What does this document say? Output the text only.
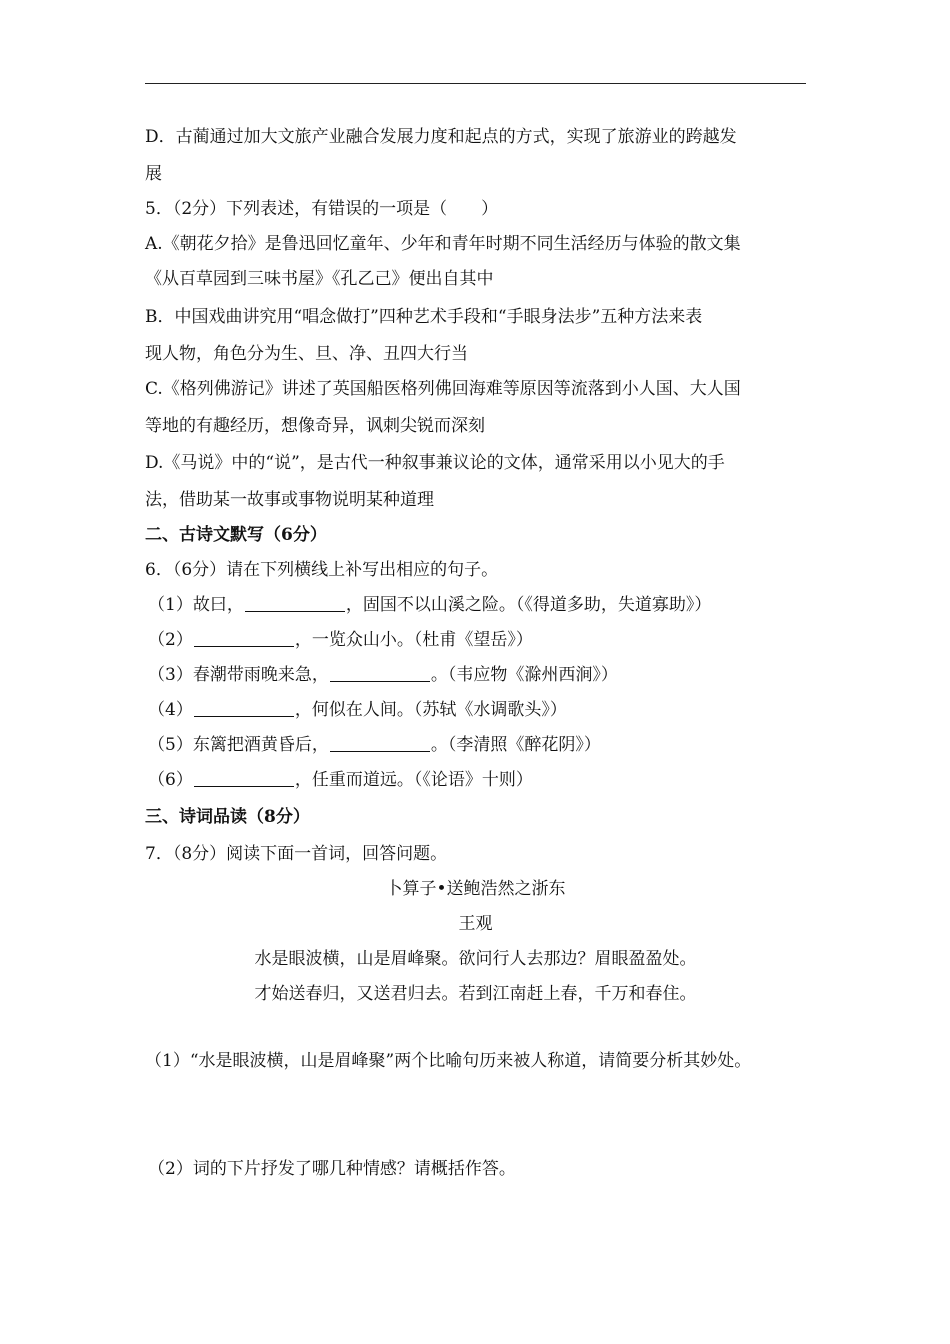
D．古蔺通过加大文旅产业融合发展力度和起点的方式，实现了旅游业的跨越发
展
5．（2分）下列表述，有错误的一项是（　　）
A.《朝花夕拾》是鲁迅回忆童年、少年和青年时期不同生活经历与体验的散文集
《从百草园到三味书屋》《孔乙己》便出自其中
B．中国戏曲讲究用“唱念做打”四种艺术手段和“手眼身法步”五种方法来表
现人物，角色分为生、旦、净、丑四大行当
C.《格列佛游记》讲述了英国船医格列佛回海难等原因等流落到小人国、大人国
等地的有趣经历，想像奇异，讽刺尖锐而深刻
D.《马说》中的“说”，是古代一种叙事兼议论的文体，通常采用以小见大的手
法，借助某一故事或事物说明某种道理
二、古诗文默写（6分）
6．（6分）请在下列横线上补写出相应的句子。
（1）故曰，	，固国不以山溪之险。（《得道多助，失道寡助》）
（2）	，一览众山小。（杜甫《望岳》）
（3）春潮带雨晚来急，	。（韦应物《滁州西涧》）
（4）	，何似在人间。（苏轼《水调歌头》）
（5）东篱把酒黄昏后，	。（李清照《醉花阴》）
（6）	，任重而道远。（《论语》十则）
三、诗词品读（8分）
7．（8分）阅读下面一首词，回答问题。
卜算子•送鲍浩然之浙东
王观
水是眼波横，山是眉峰聚。欲问行人去那边？眉眼盈盈处。
才始送春归，又送君归去。若到江南赶上春，千万和春住。
（1）“水是眼波横，山是眉峰聚”两个比喻句历来被人称道，请简要分析其妙处。
（2）词的下片抒发了哪几种情感？请概括作答。
